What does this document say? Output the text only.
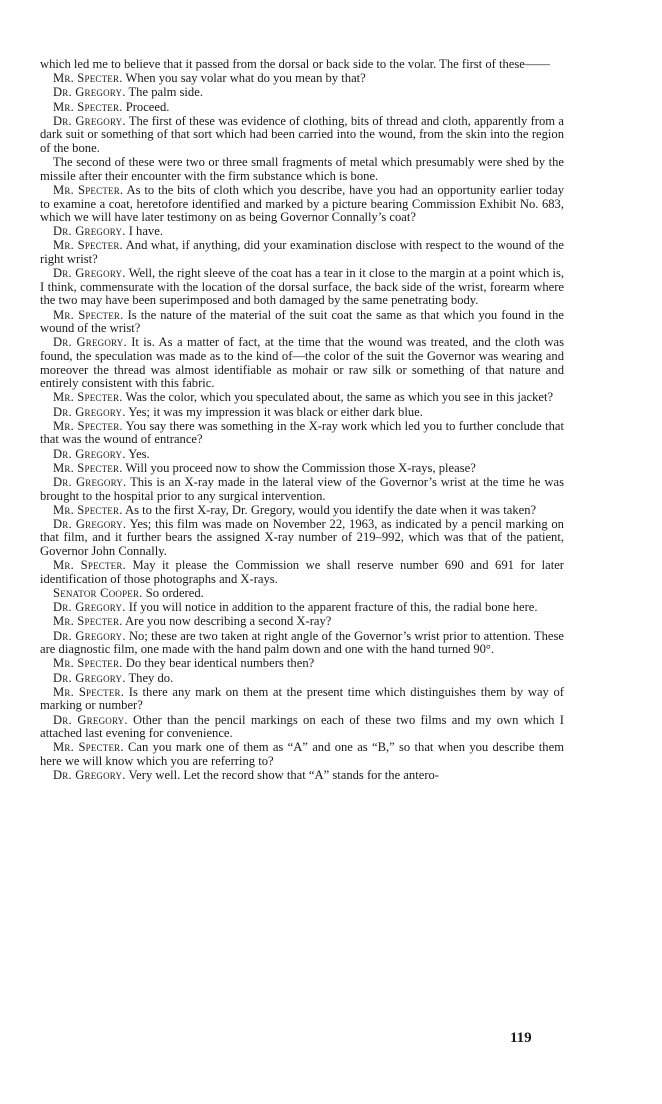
which led me to believe that it passed from the dorsal or back side to the volar. The first of these——

Mr. Specter. When you say volar what do you mean by that?

Dr. Gregory. The palm side.

Mr. Specter. Proceed.

Dr. Gregory. The first of these was evidence of clothing, bits of thread and cloth, apparently from a dark suit or something of that sort which had been carried into the wound, from the skin into the region of the bone.

The second of these were two or three small fragments of metal which presumably were shed by the missile after their encounter with the firm substance which is bone.

Mr. Specter. As to the bits of cloth which you describe, have you had an opportunity earlier today to examine a coat, heretofore identified and marked by a picture bearing Commission Exhibit No. 683, which we will have later testimony on as being Governor Connally’s coat?

Dr. Gregory. I have.

Mr. Specter. And what, if anything, did your examination disclose with respect to the wound of the right wrist?

Dr. Gregory. Well, the right sleeve of the coat has a tear in it close to the margin at a point which is, I think, commensurate with the location of the dorsal surface, the back side of the wrist, forearm where the two may have been superimposed and both damaged by the same penetrating body.

Mr. Specter. Is the nature of the material of the suit coat the same as that which you found in the wound of the wrist?

Dr. Gregory. It is. As a matter of fact, at the time that the wound was treated, and the cloth was found, the speculation was made as to the kind of—the color of the suit the Governor was wearing and moreover the thread was almost identifiable as mohair or raw silk or something of that nature and entirely consistent with this fabric.

Mr. Specter. Was the color, which you speculated about, the same as which you see in this jacket?

Dr. Gregory. Yes; it was my impression it was black or either dark blue.

Mr. Specter. You say there was something in the X-ray work which led you to further conclude that that was the wound of entrance?

Dr. Gregory. Yes.

Mr. Specter. Will you proceed now to show the Commission those X-rays, please?

Dr. Gregory. This is an X-ray made in the lateral view of the Governor’s wrist at the time he was brought to the hospital prior to any surgical intervention.

Mr. Specter. As to the first X-ray, Dr. Gregory, would you identify the date when it was taken?

Dr. Gregory. Yes; this film was made on November 22, 1963, as indicated by a pencil marking on that film, and it further bears the assigned X-ray number of 219–992, which was that of the patient, Governor John Connally.

Mr. Specter. May it please the Commission we shall reserve number 690 and 691 for later identification of those photographs and X-rays.

Senator Cooper. So ordered.

Dr. Gregory. If you will notice in addition to the apparent fracture of this, the radial bone here.

Mr. Specter. Are you now describing a second X-ray?

Dr. Gregory. No; these are two taken at right angle of the Governor’s wrist prior to attention. These are diagnostic film, one made with the hand palm down and one with the hand turned 90°.

Mr. Specter. Do they bear identical numbers then?

Dr. Gregory. They do.

Mr. Specter. Is there any mark on them at the present time which distinguishes them by way of marking or number?

Dr. Gregory. Other than the pencil markings on each of these two films and my own which I attached last evening for convenience.

Mr. Specter. Can you mark one of them as “A” and one as “B,” so that when you describe them here we will know which you are referring to?

Dr. Gregory. Very well. Let the record show that “A” stands for the antero-

119
